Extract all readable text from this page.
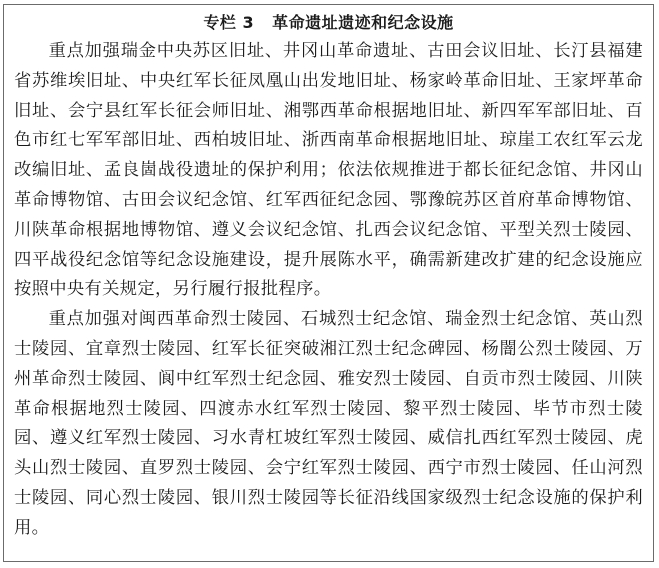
专栏 3 革命遗址遗迹和纪念设施

重点加强瑞金中央苏区旧址、井冈山革命遗址、古田会议旧址、长汀县福建省苏维埃旧址、中央红军长征凤凰山出发地旧址、杨家岭革命旧址、王家坪革命旧址、会宁县红军长征会师旧址、湘鄂西革命根据地旧址、新四军军部旧址、百色市红七军军部旧址、西柏坡旧址、浙西南革命根据地旧址、琼崖工农红军云龙改编旧址、孟良崮战役遗址的保护利用；依法依规推进于都长征纪念馆、井冈山革命博物馆、古田会议纪念馆、红军西征纪念园、鄂豫皖苏区首府革命博物馆、川陕革命根据地博物馆、遵义会议纪念馆、扎西会议纪念馆、平型关烈士陵园、四平战役纪念馆等纪念设施建设，提升展陈水平，确需新建改扩建的纪念设施应按照中央有关规定，另行履行报批程序。

重点加强对闽西革命烈士陵园、石城烈士纪念馆、瑞金烈士纪念馆、英山烈士陵园、宜章烈士陵园、红军长征突破湘江烈士纪念碑园、杨闇公烈士陵园、万州革命烈士陵园、阆中红军烈士纪念园、雅安烈士陵园、自贡市烈士陵园、川陕革命根据地烈士陵园、四渡赤水红军烈士陵园、黎平烈士陵园、毕节市烈士陵园、遵义红军烈士陵园、习水青杠坡红军烈士陵园、威信扎西红军烈士陵园、虎头山烈士陵园、直罗烈士陵园、会宁红军烈士陵园、西宁市烈士陵园、任山河烈士陵园、同心烈士陵园、银川烈士陵园等长征沿线国家级烈士纪念设施的保护利用。
